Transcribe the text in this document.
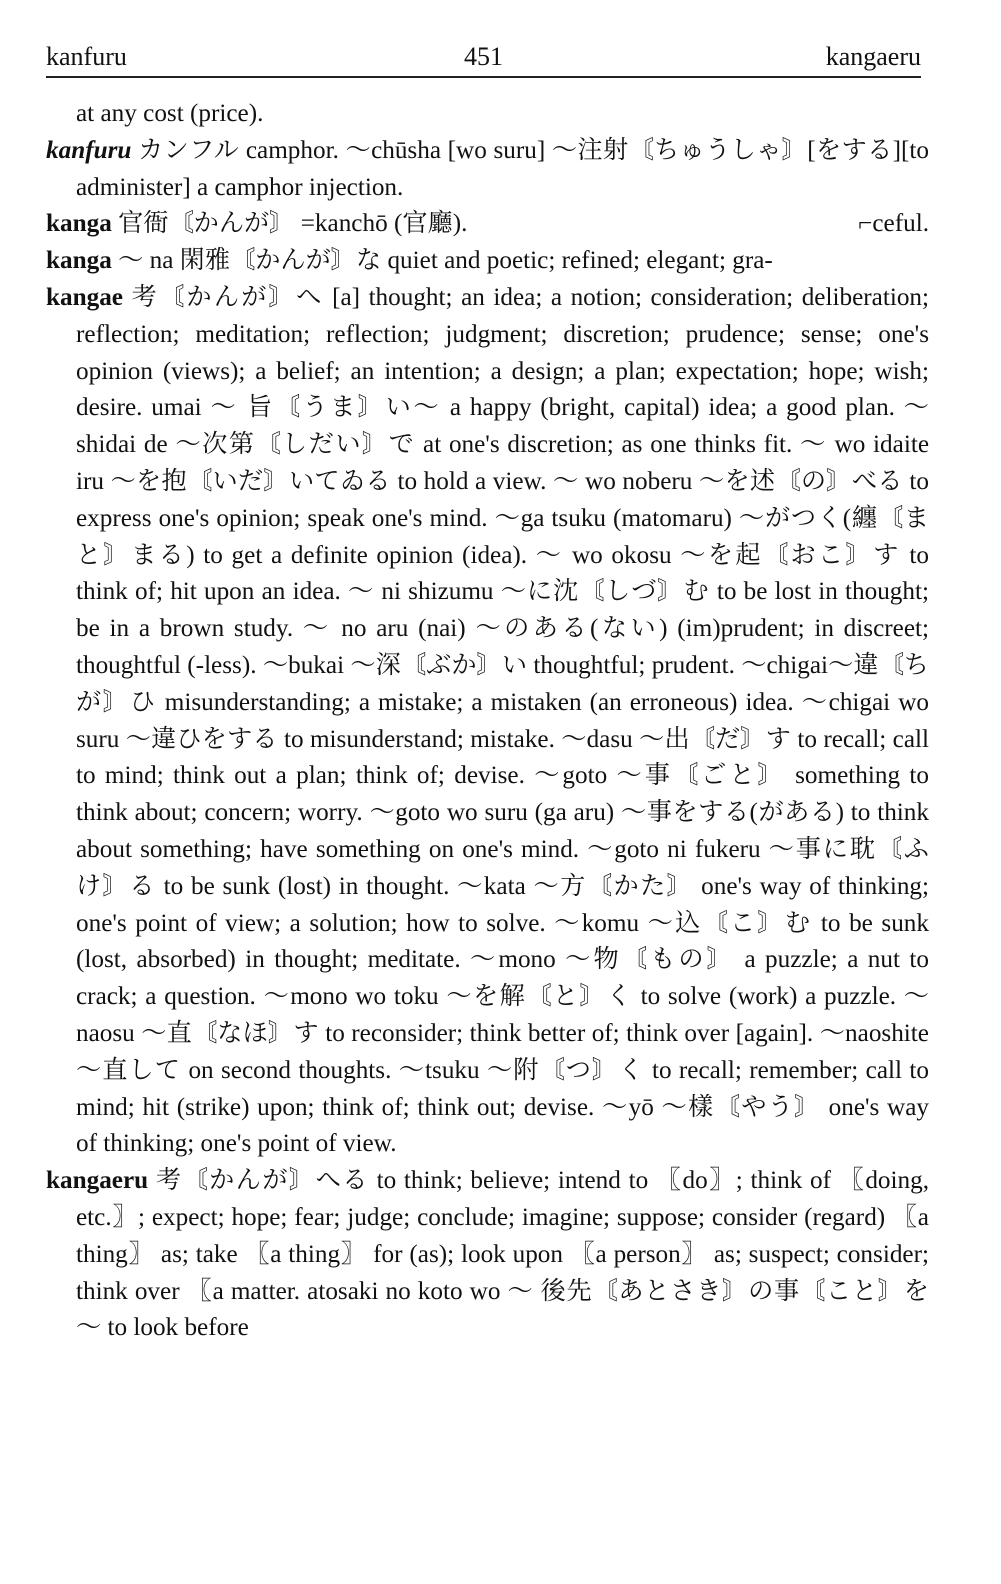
kanfuru	451	kangaeru

at any cost (price).

kanfuru カンフル camphor. ～chūsha [wo suru] ～注射〘ちゅうしゃ〙[をする][to administer] a camphor injection.

⌐ceful.
kanga 官衙〘かんが〙 =kanchō (官廳).

kanga ～ na 閑雅〘かんが〙な quiet and poetic; refined; elegant; gra-

kangae 考〘かんが〙へ [a] thought; an idea; a notion; consideration; deliberation; reflection; meditation; reflection; judgment; discretion; prudence; sense; one's opinion (views); a belief; an intention; a design; a plan; expectation; hope; wish; desire. umai ～ 旨〘うま〙い～ a happy (bright, capital) idea; a good plan. ～shidai de ～次第〘しだい〙で at one's discretion; as one thinks fit. ～ wo idaite iru ～を抱〘いだ〙いてゐる to hold a view. ～ wo noberu ～を述〘の〙べる to express one's opinion; speak one's mind. ～ga tsuku (matomaru) ～がつく(纏〘まと〙まる) to get a definite opinion (idea). ～ wo okosu ～を起〘おこ〙す to think of; hit upon an idea. ～ ni shizumu ～に沈〘しづ〙む to be lost in thought; be in a brown study. ～ no aru (nai) ～のある(ない) (im)prudent; in discreet; thoughtful (-less). ～bukai ～深〘ぶか〙い thoughtful; prudent. ～chigai～違〘ちが〙ひ misunderstanding; a mistake; a mistaken (an erroneous) idea. ～chigai wo suru ～違ひをする to misunderstand; mistake. ～dasu ～出〘だ〙す to recall; call to mind; think out a plan; think of; devise. ～goto ～事〘ごと〙 something to think about; concern; worry. ～goto wo suru (ga aru) ～事をする(がある) to think about something; have something on one's mind. ～goto ni fukeru ～事に耽〘ふけ〙る to be sunk (lost) in thought. ～kata ～方〘かた〙 one's way of thinking; one's point of view; a solution; how to solve. ～komu ～込〘こ〙む to be sunk (lost, absorbed) in thought; meditate. ～mono ～物〘もの〙 a puzzle; a nut to crack; a question. ～mono wo toku ～を解〘と〙く to solve (work) a puzzle. ～naosu ～直〘なほ〙す to reconsider; think better of; think over [again]. ～naoshite ～直して on second thoughts. ～tsuku ～附〘つ〙く to recall; remember; call to mind; hit (strike) upon; think of; think out; devise. ～yō ～樣〘やう〙 one's way of thinking; one's point of view.

kangaeru 考〘かんが〙へる to think; believe; intend to 〖do〗; think of 〖doing, etc.〗; expect; hope; fear; judge; conclude; imagine; suppose; consider (regard) 〖a thing〗 as; take 〖a thing〗 for (as); look upon 〖a person〗 as; suspect; consider; think over 〖a matter. atosaki no koto wo ～ 後先〘あとさき〙の事〘こと〙を～ to look before
